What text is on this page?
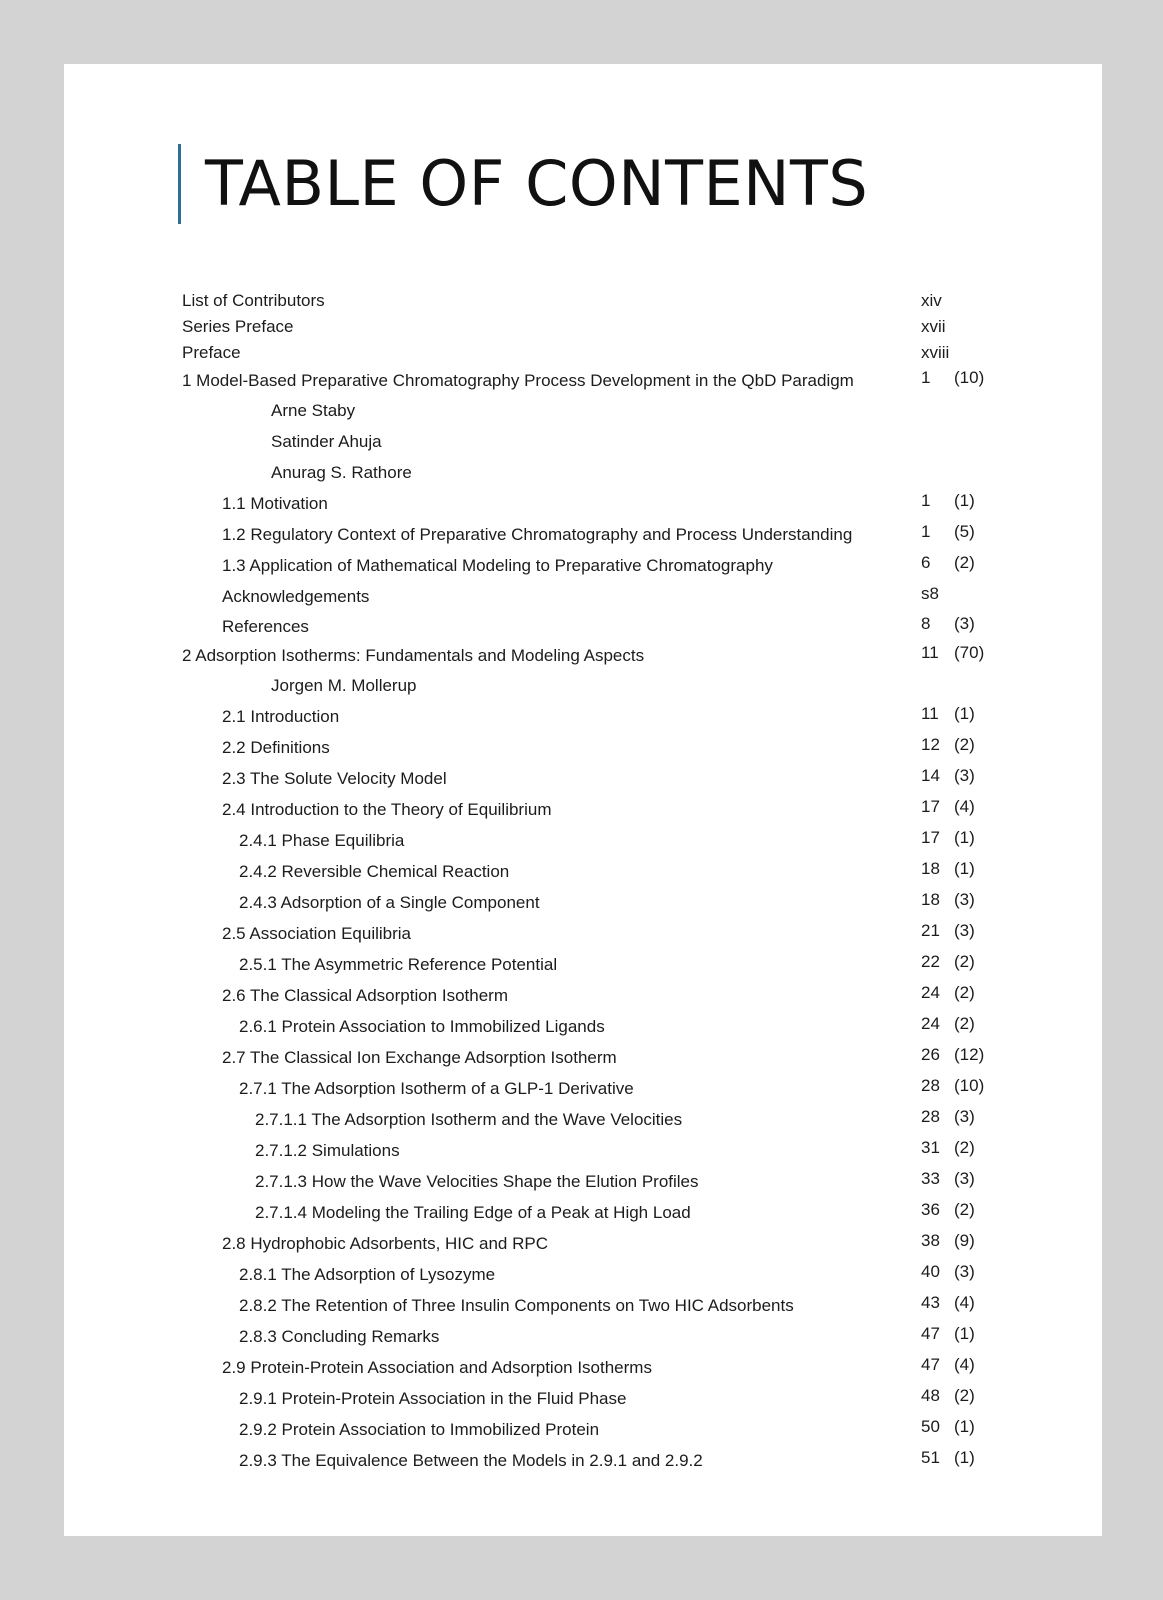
TABLE OF CONTENTS
List of Contributors	xiv
Series Preface	xvii
Preface	xviii
1 Model-Based Preparative Chromatography Process Development in the QbD Paradigm	1 (10)
Arne Staby
Satinder Ahuja
Anurag S. Rathore
1.1 Motivation	1 (1)
1.2 Regulatory Context of Preparative Chromatography and Process Understanding	1 (5)
1.3 Application of Mathematical Modeling to Preparative Chromatography	6 (2)
Acknowledgements	s8
References	8 (3)
2 Adsorption Isotherms: Fundamentals and Modeling Aspects	11 (70)
Jorgen M. Mollerup
2.1 Introduction	11 (1)
2.2 Definitions	12 (2)
2.3 The Solute Velocity Model	14 (3)
2.4 Introduction to the Theory of Equilibrium	17 (4)
2.4.1 Phase Equilibria	17 (1)
2.4.2 Reversible Chemical Reaction	18 (1)
2.4.3 Adsorption of a Single Component	18 (3)
2.5 Association Equilibria	21 (3)
2.5.1 The Asymmetric Reference Potential	22 (2)
2.6 The Classical Adsorption Isotherm	24 (2)
2.6.1 Protein Association to Immobilized Ligands	24 (2)
2.7 The Classical Ion Exchange Adsorption Isotherm	26 (12)
2.7.1 The Adsorption Isotherm of a GLP-1 Derivative	28 (10)
2.7.1.1 The Adsorption Isotherm and the Wave Velocities	28 (3)
2.7.1.2 Simulations	31 (2)
2.7.1.3 How the Wave Velocities Shape the Elution Profiles	33 (3)
2.7.1.4 Modeling the Trailing Edge of a Peak at High Load	36 (2)
2.8 Hydrophobic Adsorbents, HIC and RPC	38 (9)
2.8.1 The Adsorption of Lysozyme	40 (3)
2.8.2 The Retention of Three Insulin Components on Two HIC Adsorbents	43 (4)
2.8.3 Concluding Remarks	47 (1)
2.9 Protein-Protein Association and Adsorption Isotherms	47 (4)
2.9.1 Protein-Protein Association in the Fluid Phase	48 (2)
2.9.2 Protein Association to Immobilized Protein	50 (1)
2.9.3 The Equivalence Between the Models in 2.9.1 and 2.9.2	51 (1)
